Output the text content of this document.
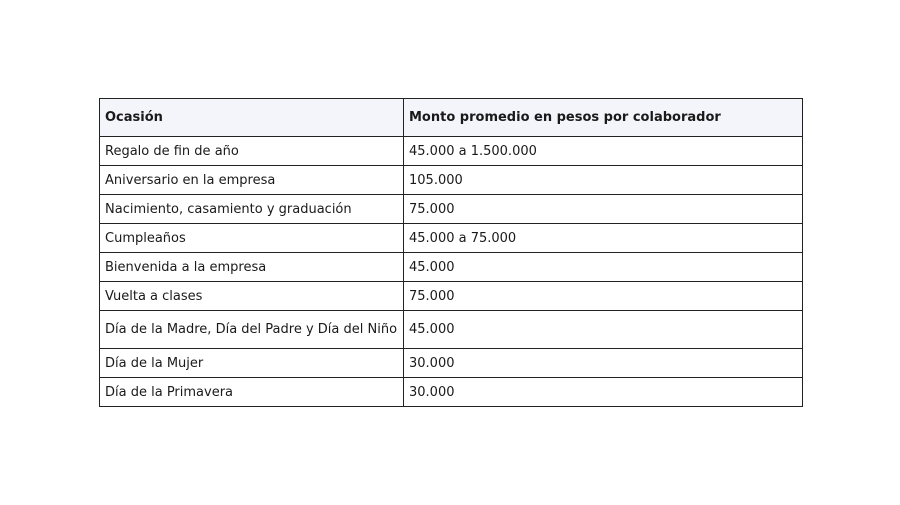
Ocasión	Monto promedio en pesos por colaborador
Regalo de fin de año	45.000 a 1.500.000
Aniversario en la empresa	105.000
Nacimiento, casamiento y graduación	75.000
Cumpleaños	45.000 a 75.000
Bienvenida a la empresa	45.000
Vuelta a clases	75.000
Día de la Madre, Día del Padre y Día del Niño	45.000
Día de la Mujer	30.000
Día de la Primavera	30.000
